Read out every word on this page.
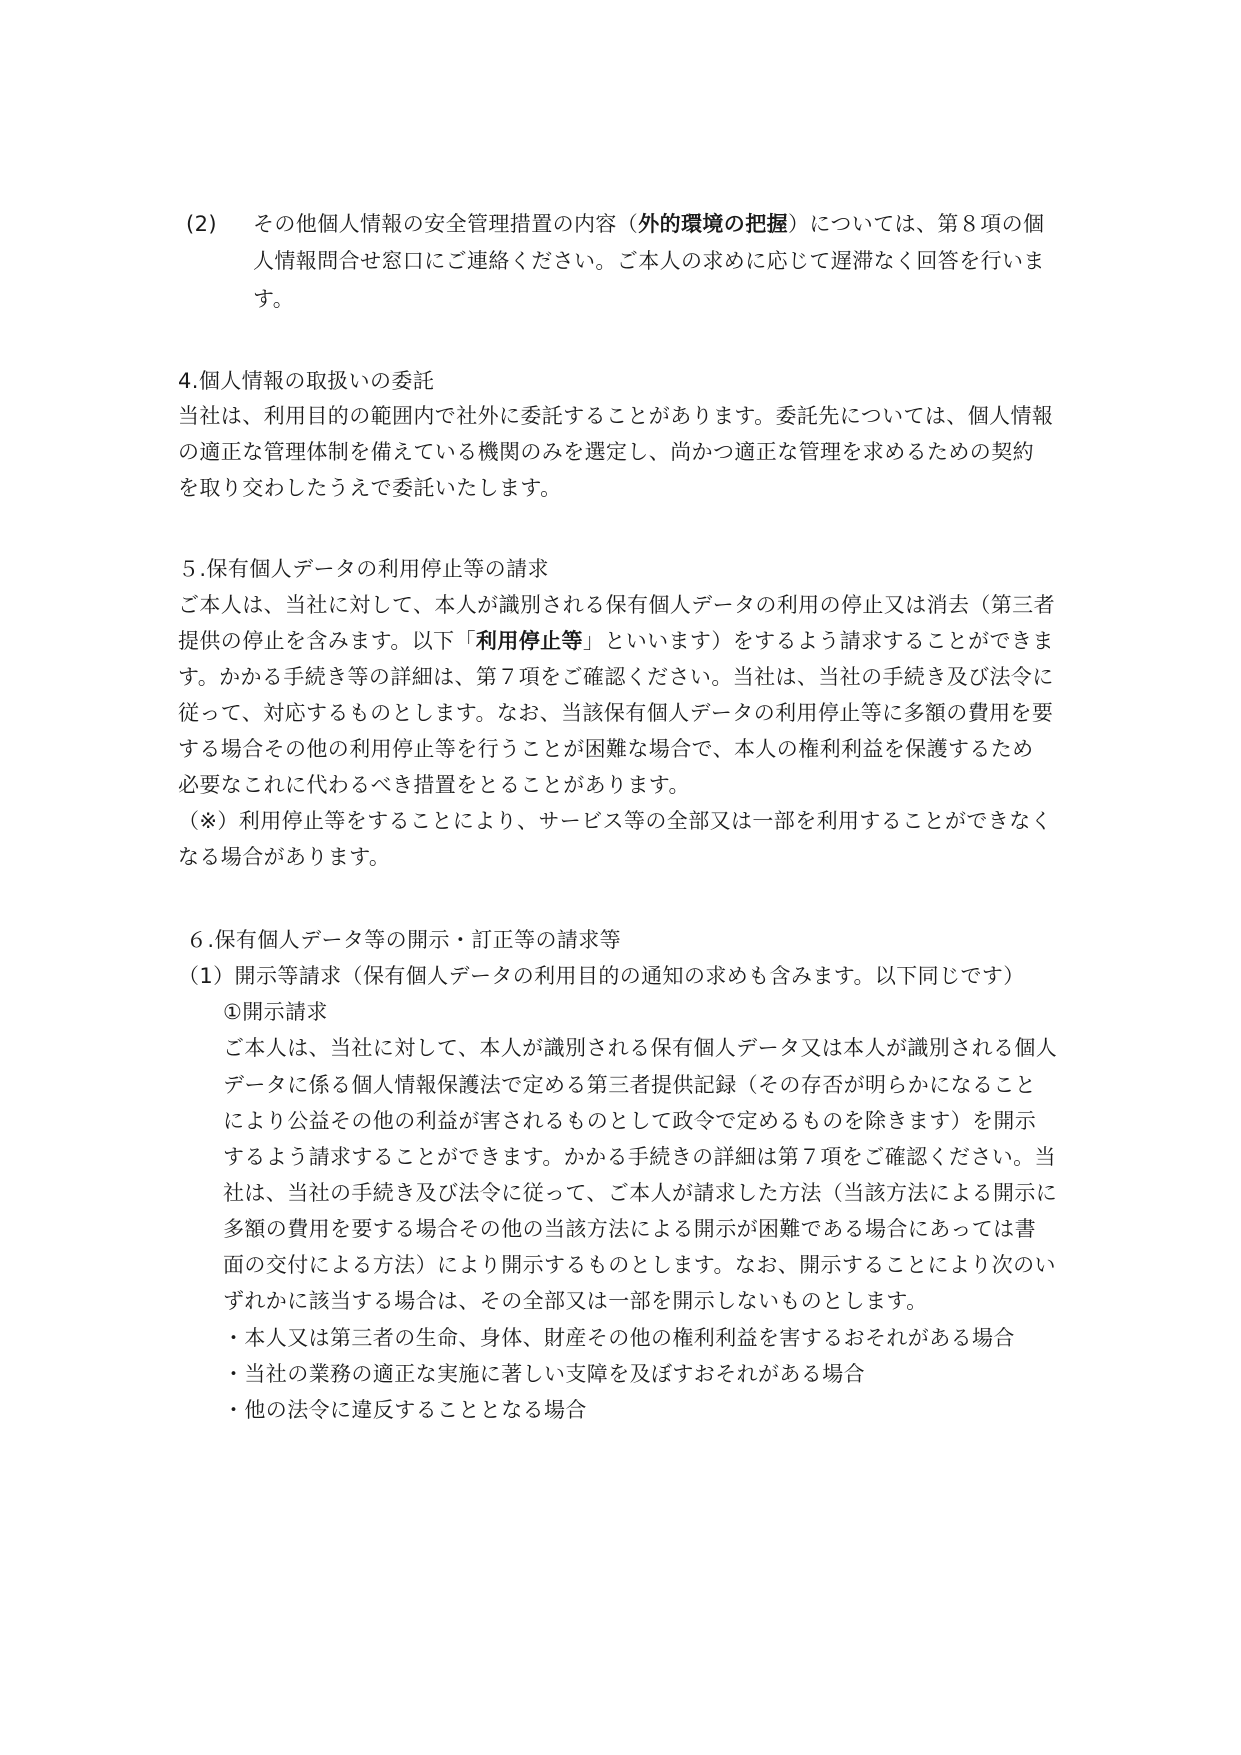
(2) その他個人情報の安全管理措置の内容（外的環境の把握）については、第８項の個
人情報問合せ窓口にご連絡ください。ご本人の求めに応じて遅滞なく回答を行いま
す。
4.個人情報の取扱いの委託
当社は、利用目的の範囲内で社外に委託することがあります。委託先については、個人情報
の適正な管理体制を備えている機関のみを選定し、尚かつ適正な管理を求めるための契約
を取り交わしたうえで委託いたします。
５.保有個人データの利用停止等の請求
ご本人は、当社に対して、本人が識別される保有個人データの利用の停止又は消去（第三者
提供の停止を含みます。以下「利用停止等」といいます）をするよう請求することができま
す。かかる手続き等の詳細は、第７項をご確認ください。当社は、当社の手続き及び法令に
従って、対応するものとします。なお、当該保有個人データの利用停止等に多額の費用を要
する場合その他の利用停止等を行うことが困難な場合で、本人の権利利益を保護するため
必要なこれに代わるべき措置をとることがあります。
（※）利用停止等をすることにより、サービス等の全部又は一部を利用することができなく
なる場合があります。
６.保有個人データ等の開示・訂正等の請求等
（1）開示等請求（保有個人データの利用目的の通知の求めも含みます。以下同じです）
①開示請求
ご本人は、当社に対して、本人が識別される保有個人データ又は本人が識別される個人
データに係る個人情報保護法で定める第三者提供記録（その存否が明らかになること
により公益その他の利益が害されるものとして政令で定めるものを除きます）を開示
するよう請求することができます。かかる手続きの詳細は第７項をご確認ください。当
社は、当社の手続き及び法令に従って、ご本人が請求した方法（当該方法による開示に
多額の費用を要する場合その他の当該方法による開示が困難である場合にあっては書
面の交付による方法）により開示するものとします。なお、開示することにより次のい
ずれかに該当する場合は、その全部又は一部を開示しないものとします。
・本人又は第三者の生命、身体、財産その他の権利利益を害するおそれがある場合
・当社の業務の適正な実施に著しい支障を及ぼすおそれがある場合
・他の法令に違反することとなる場合
